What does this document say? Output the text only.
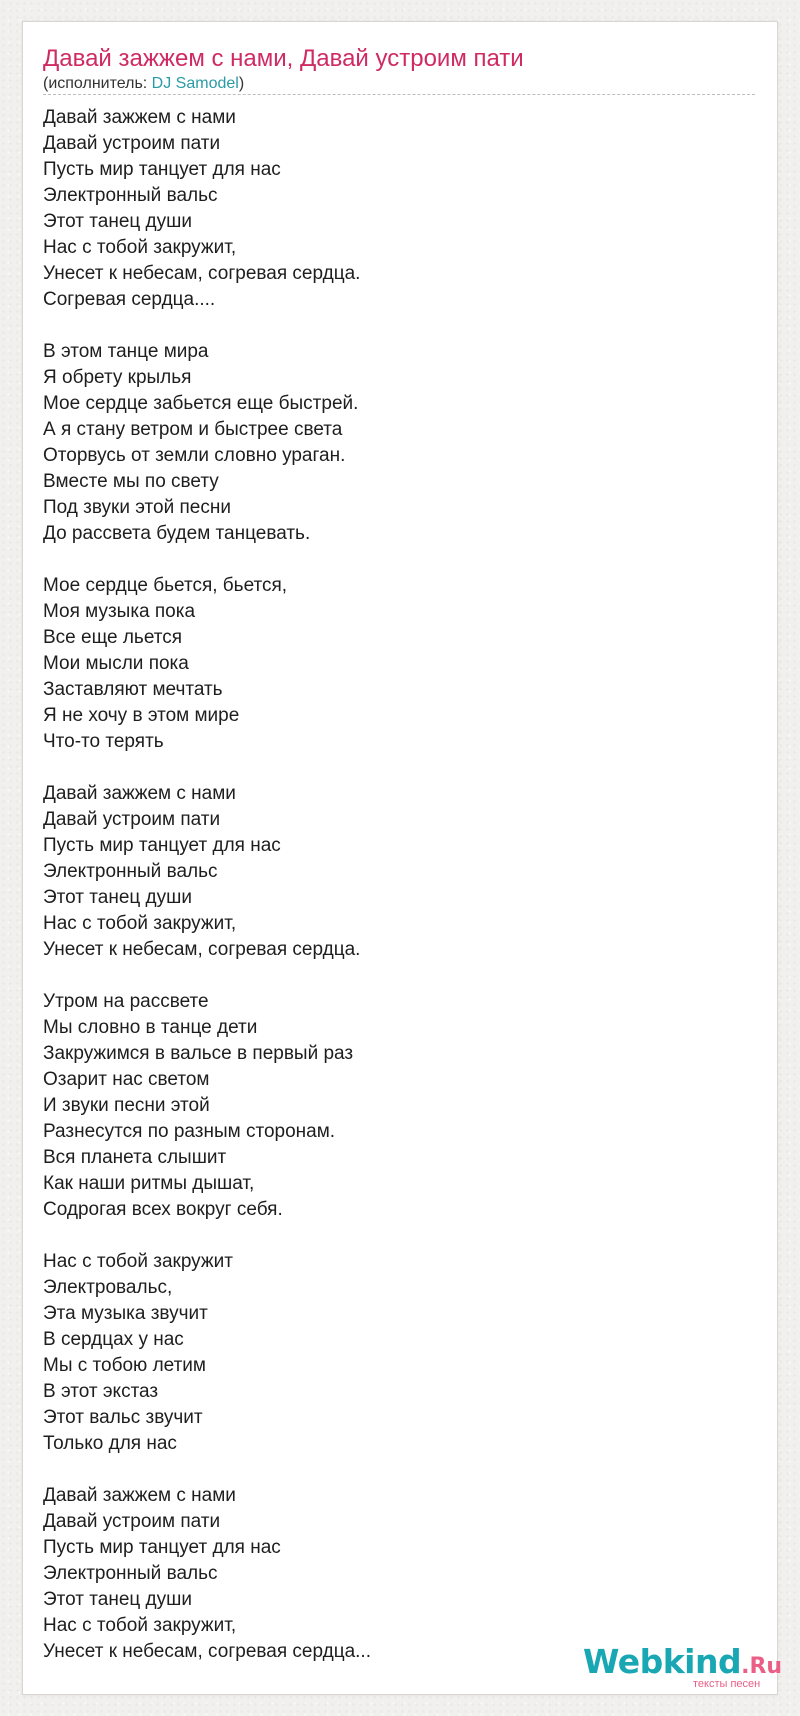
Давай зажжем с нами, Давай устроим пати
(исполнитель: DJ Samodel)
Давай зажжем с нами
Давай устроим пати
Пусть мир танцует для нас
Электронный вальс
Этот танец души
Нас с тобой закружит,
Унесет к небесам, согревая сердца.
Согревая сердца....
В этом танце мира
Я обрету крылья
Мое сердце забьется еще быстрей.
А я стану ветром и быстрее света
Оторвусь от земли словно ураган.
Вместе мы по свету
Под звуки этой песни
До рассвета будем танцевать.
Мое сердце бьется, бьется,
Моя музыка пока
Все еще льется
Мои мысли пока
Заставляют мечтать
Я не хочу в этом мире
Что-то терять
Давай зажжем с нами
Давай устроим пати
Пусть мир танцует для нас
Электронный вальс
Этот танец души
Нас с тобой закружит,
Унесет к небесам, согревая сердца.
Утром на рассвете
Мы словно в танце дети
Закружимся в вальсе в первый раз
Озарит нас светом
И звуки песни этой
Разнесутся по разным сторонам.
Вся планета слышит
Как наши ритмы дышат,
Содрогая всех вокруг себя.
Нас с тобой закружит
Электровальс,
Эта музыка звучит
В сердцах у нас
Мы с тобою летим
В этот экстаз
Этот вальс звучит
Только для нас
Давай зажжем с нами
Давай устроим пати
Пусть мир танцует для нас
Электронный вальс
Этот танец души
Нас с тобой закружит,
Унесет к небесам, согревая сердца...	Webkind.Ru
тексты песен
